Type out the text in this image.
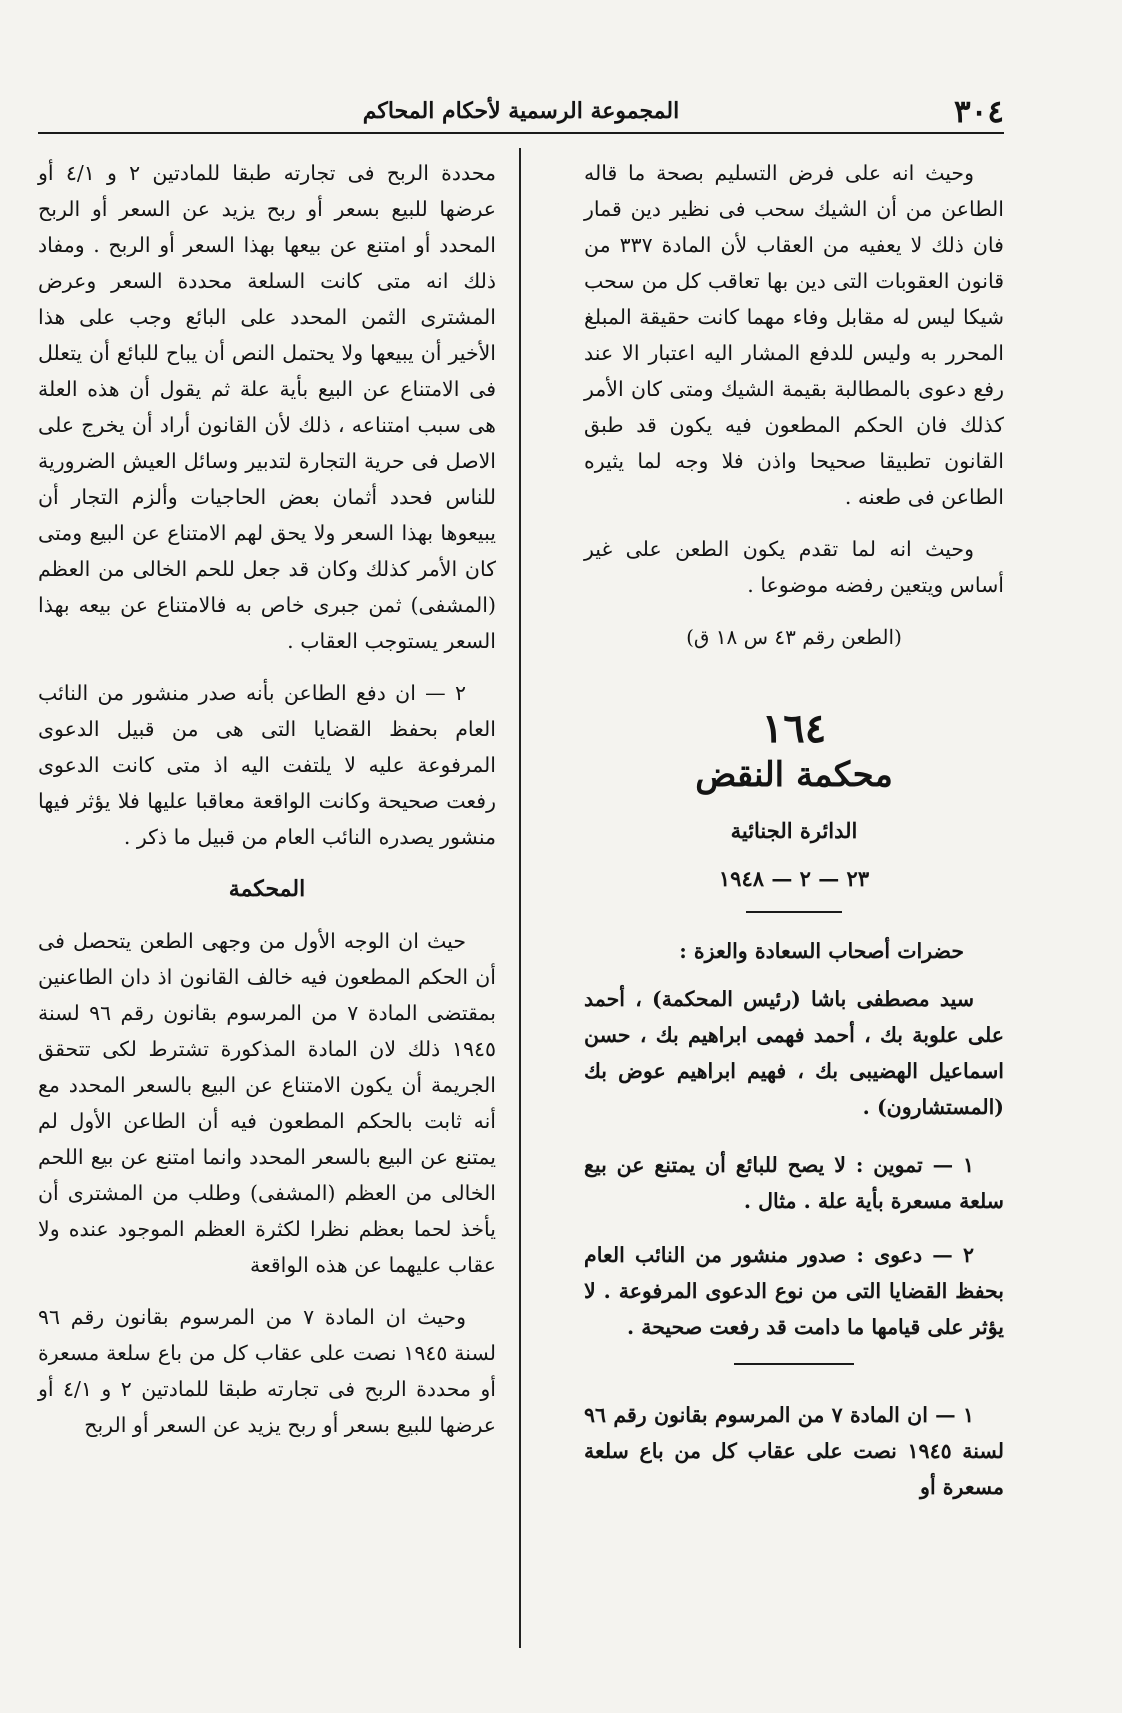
٣٠٤
المجموعة الرسمية لأحكام المحاكم

وحيث انه على فرض التسليم بصحة ما قاله الطاعن من أن الشيك سحب فى نظير دين قمار فان ذلك لا يعفيه من العقاب لأن المادة ٣٣٧ من قانون العقوبات التى دين بها تعاقب كل من سحب شيكا ليس له مقابل وفاء مهما كانت حقيقة المبلغ المحرر به وليس للدفع المشار اليه اعتبار الا عند رفع دعوى بالمطالبة بقيمة الشيك ومتى كان الأمر كذلك فان الحكم المطعون فيه يكون قد طبق القانون تطبيقا صحيحا واذن فلا وجه لما يثيره الطاعن فى طعنه .

وحيث انه لما تقدم يكون الطعن على غير أساس ويتعين رفضه موضوعا .

(الطعن رقم ٤٣ س ١٨ ق)
١٦٤
محكمة النقض
الدائرة الجنائية
٢٣ — ٢ — ١٩٤٨

حضرات أصحاب السعادة والعزة :

سيد مصطفى باشا (رئيس المحكمة) ، أحمد على علوبة بك ، أحمد فهمى ابراهيم بك ، حسن اسماعيل الهضيبى بك ، فهيم ابراهيم عوض بك (المستشارون) .

١ — تموين : لا يصح للبائع أن يمتنع عن بيع سلعة مسعرة بأية علة . مثال .

٢ — دعوى : صدور منشور من النائب العام بحفظ القضايا التى من نوع الدعوى المرفوعة . لا يؤثر على قيامها ما دامت قد رفعت صحيحة .

١ — ان المادة ٧ من المرسوم بقانون رقم ٩٦ لسنة ١٩٤٥ نصت على عقاب كل من باع سلعة مسعرة أو

محددة الربح فى تجارته طبقا للمادتين ٢ و ٤/١ أو عرضها للبيع بسعر أو ربح يزيد عن السعر أو الربح المحدد أو امتنع عن بيعها بهذا السعر أو الربح . ومفاد ذلك انه متى كانت السلعة محددة السعر وعرض المشترى الثمن المحدد على البائع وجب على هذا الأخير أن يبيعها ولا يحتمل النص أن يباح للبائع أن يتعلل فى الامتناع عن البيع بأية علة ثم يقول أن هذه العلة هى سبب امتناعه ، ذلك لأن القانون أراد أن يخرج على الاصل فى حرية التجارة لتدبير وسائل العيش الضرورية للناس فحدد أثمان بعض الحاجيات وألزم التجار أن يبيعوها بهذا السعر ولا يحق لهم الامتناع عن البيع ومتى كان الأمر كذلك وكان قد جعل للحم الخالى من العظم (المشفى) ثمن جبرى خاص به فالامتناع عن بيعه بهذا السعر يستوجب العقاب .

٢ — ان دفع الطاعن بأنه صدر منشور من النائب العام بحفظ القضايا التى هى من قبيل الدعوى المرفوعة عليه لا يلتفت اليه اذ متى كانت الدعوى رفعت صحيحة وكانت الواقعة معاقبا عليها فلا يؤثر فيها منشور يصدره النائب العام من قبيل ما ذكر .

المحكمة

حيث ان الوجه الأول من وجهى الطعن يتحصل فى أن الحكم المطعون فيه خالف القانون اذ دان الطاعنين بمقتضى المادة ٧ من المرسوم بقانون رقم ٩٦ لسنة ١٩٤٥ ذلك لان المادة المذكورة تشترط لكى تتحقق الجريمة أن يكون الامتناع عن البيع بالسعر المحدد مع أنه ثابت بالحكم المطعون فيه أن الطاعن الأول لم يمتنع عن البيع بالسعر المحدد وانما امتنع عن بيع اللحم الخالى من العظم (المشفى) وطلب من المشترى أن يأخذ لحما بعظم نظرا لكثرة العظم الموجود عنده ولا عقاب عليهما عن هذه الواقعة

وحيث ان المادة ٧ من المرسوم بقانون رقم ٩٦ لسنة ١٩٤٥ نصت على عقاب كل من باع سلعة مسعرة أو محددة الربح فى تجارته طبقا للمادتين ٢ و ٤/١ أو عرضها للبيع بسعر أو ربح يزيد عن السعر أو الربح
